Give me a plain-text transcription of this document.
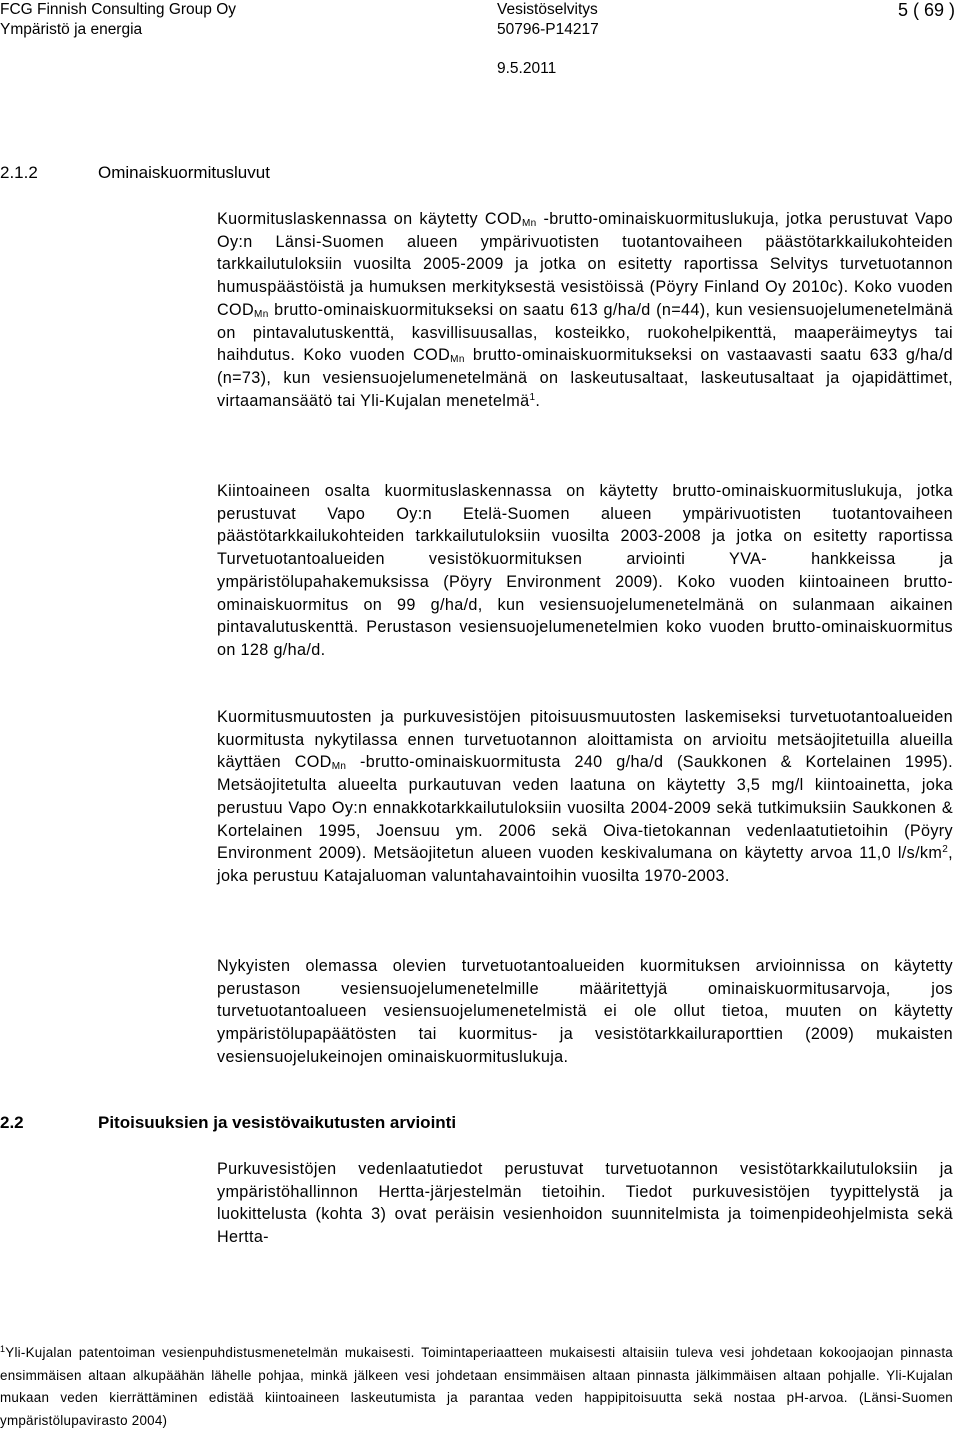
FCG Finnish Consulting Group Oy
Ympäristö ja energia
Vesistöselvitys
50796-P14217
5 ( 69 )
9.5.2011
2.1.2	Ominaiskuormitusluvut
Kuormituslaskennassa on käytetty $COD_{Mn}$ -brutto-ominaiskuormituslukuja, jotka perustuvat Vapo Oy:n Länsi-Suomen alueen ympärivuotisten tuotantovaiheen päästötarkkailukohteiden tarkkailutuloksiin vuosilta 2005-2009 ja jotka on esitetty raportissa Selvitys turvetuotannon humuspäästöistä ja humuksen merkityksestä vesistöissä (Pöyry Finland Oy 2010c). Koko vuoden $COD_{Mn}$ brutto-ominaiskuormitukseksi on saatu 613 g/ha/d (n=44), kun vesiensuojelumenetelmänä on pintavalutuskenttä, kasvillisuusallas, kosteikko, ruokohelpikenttä, maaperäimeytys tai haihdutus. Koko vuoden $COD_{Mn}$ brutto-ominaiskuormitukseksi on vastaavasti saatu 633 g/ha/d (n=73), kun vesiensuojelumenetelmänä on laskeutusaltaat, laskeutusaltaat ja ojapidättimet, virtaamansäätö tai Yli-Kujalan menetelmä$^1$.
Kiintoaineen osalta kuormituslaskennassa on käytetty brutto-ominaiskuormituslukuja, jotka perustuvat Vapo Oy:n Etelä-Suomen alueen ympärivuotisten tuotantovaiheen päästötarkkailukohteiden tarkkailutuloksiin vuosilta 2003-2008 ja jotka on esitetty raportissa Turvetuotantoalueiden vesistökuormituksen arviointi YVA- hankkeissa ja ympäristölupahakemuksissa (Pöyry Environment 2009). Koko vuoden kiintoaineen brutto-ominaiskuormitus on 99 g/ha/d, kun vesiensuojelumenetelmänä on sulanmaan aikainen pintavalutuskenttä. Perustason vesiensuojelumenetelmien koko vuoden brutto-ominaiskuormitus on 128 g/ha/d.
Kuormitusmuutosten ja purkuvesistöjen pitoisuusmuutosten laskemiseksi turvetuotantoalueiden kuormitusta nykytilassa ennen turvetuotannon aloittamista on arvioitu metsäojitetuilla alueilla käyttäen $COD_{Mn}$ -brutto-ominaiskuormitusta 240 g/ha/d (Saukkonen & Kortelainen 1995). Metsäojitetulta alueelta purkautuvan veden laatuna on käytetty 3,5 mg/l kiintoainetta, joka perustuu Vapo Oy:n ennakkotarkkailutuloksiin vuosilta 2004-2009 sekä tutkimuksiin Saukkonen & Kortelainen 1995, Joensuu ym. 2006 sekä Oiva-tietokannan vedenlaatutietoihin (Pöyry Environment 2009). Metsäojitetun alueen vuoden keskivalumana on käytetty arvoa 11,0 $l/s/km^2$, joka perustuu Katajaluoman valuntahavaintoihin vuosilta 1970-2003.
Nykyisten olemassa olevien turvetuotantoalueiden kuormituksen arvioinnissa on käytetty perustason vesiensuojelumenetelmille määritettyjä ominaiskuormitusarvoja, jos turvetuotantoalueen vesiensuojelumenetelmistä ei ole ollut tietoa, muuten on käytetty ympäristölupapäätösten tai kuormitus- ja vesistötarkkailuraporttien (2009) mukaisten vesiensuojelukeinojen ominaiskuormituslukuja.
2.2	Pitoisuuksien ja vesistövaikutusten arviointi
Purkuvesistöjen vedenlaatutiedot perustuvat turvetuotannon vesistötarkkailutuloksiin ja ympäristöhallinnon Hertta-järjestelmän tietoihin. Tiedot purkuvesistöjen tyypittelystä ja luokittelusta (kohta 3) ovat peräisin vesienhoidon suunnitelmista ja toimenpideohjelmista sekä Hertta-
$^1$Yli-Kujalan patentoiman vesienpuhdistusmenetelmän mukaisesti. Toimintaperiaatteen mukaisesti altaisiin tuleva vesi johdetaan kokoojaojan pinnasta ensimmäisen altaan alkupäähän lähelle pohjaa, minkä jälkeen vesi johdetaan ensimmäisen altaan pinnasta jälkimmäisen altaan pohjalle. Yli-Kujalan mukaan veden kierrättäminen edistää kiintoaineen laskeutumista ja parantaa veden happipitoisuutta sekä nostaa pH-arvoa. (Länsi-Suomen ympäristölupavirasto 2004)
